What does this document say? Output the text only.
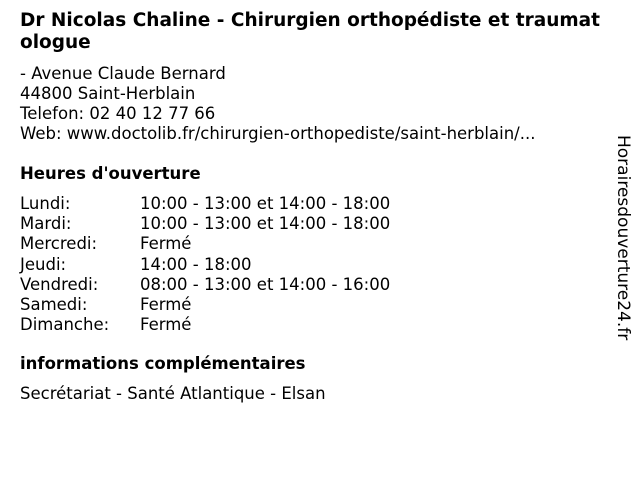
Dr Nicolas Chaline - Chirurgien orthopédiste et traumatologue
- Avenue Claude Bernard
44800 Saint-Herblain
Telefon: 02 40 12 77 66
Web: www.doctolib.fr/chirurgien-orthopediste/saint-herblain/...
Heures d'ouverture
Lundi:	10:00 - 13:00 et 14:00 - 18:00
Mardi:	10:00 - 13:00 et 14:00 - 18:00
Mercredi:	Fermé
Jeudi:	14:00 - 18:00
Vendredi:	08:00 - 13:00 et 14:00 - 16:00
Samedi:	Fermé
Dimanche:	Fermé
informations complémentaires
Secrétariat - Santé Atlantique - Elsan
Horairesdouverture24.fr
